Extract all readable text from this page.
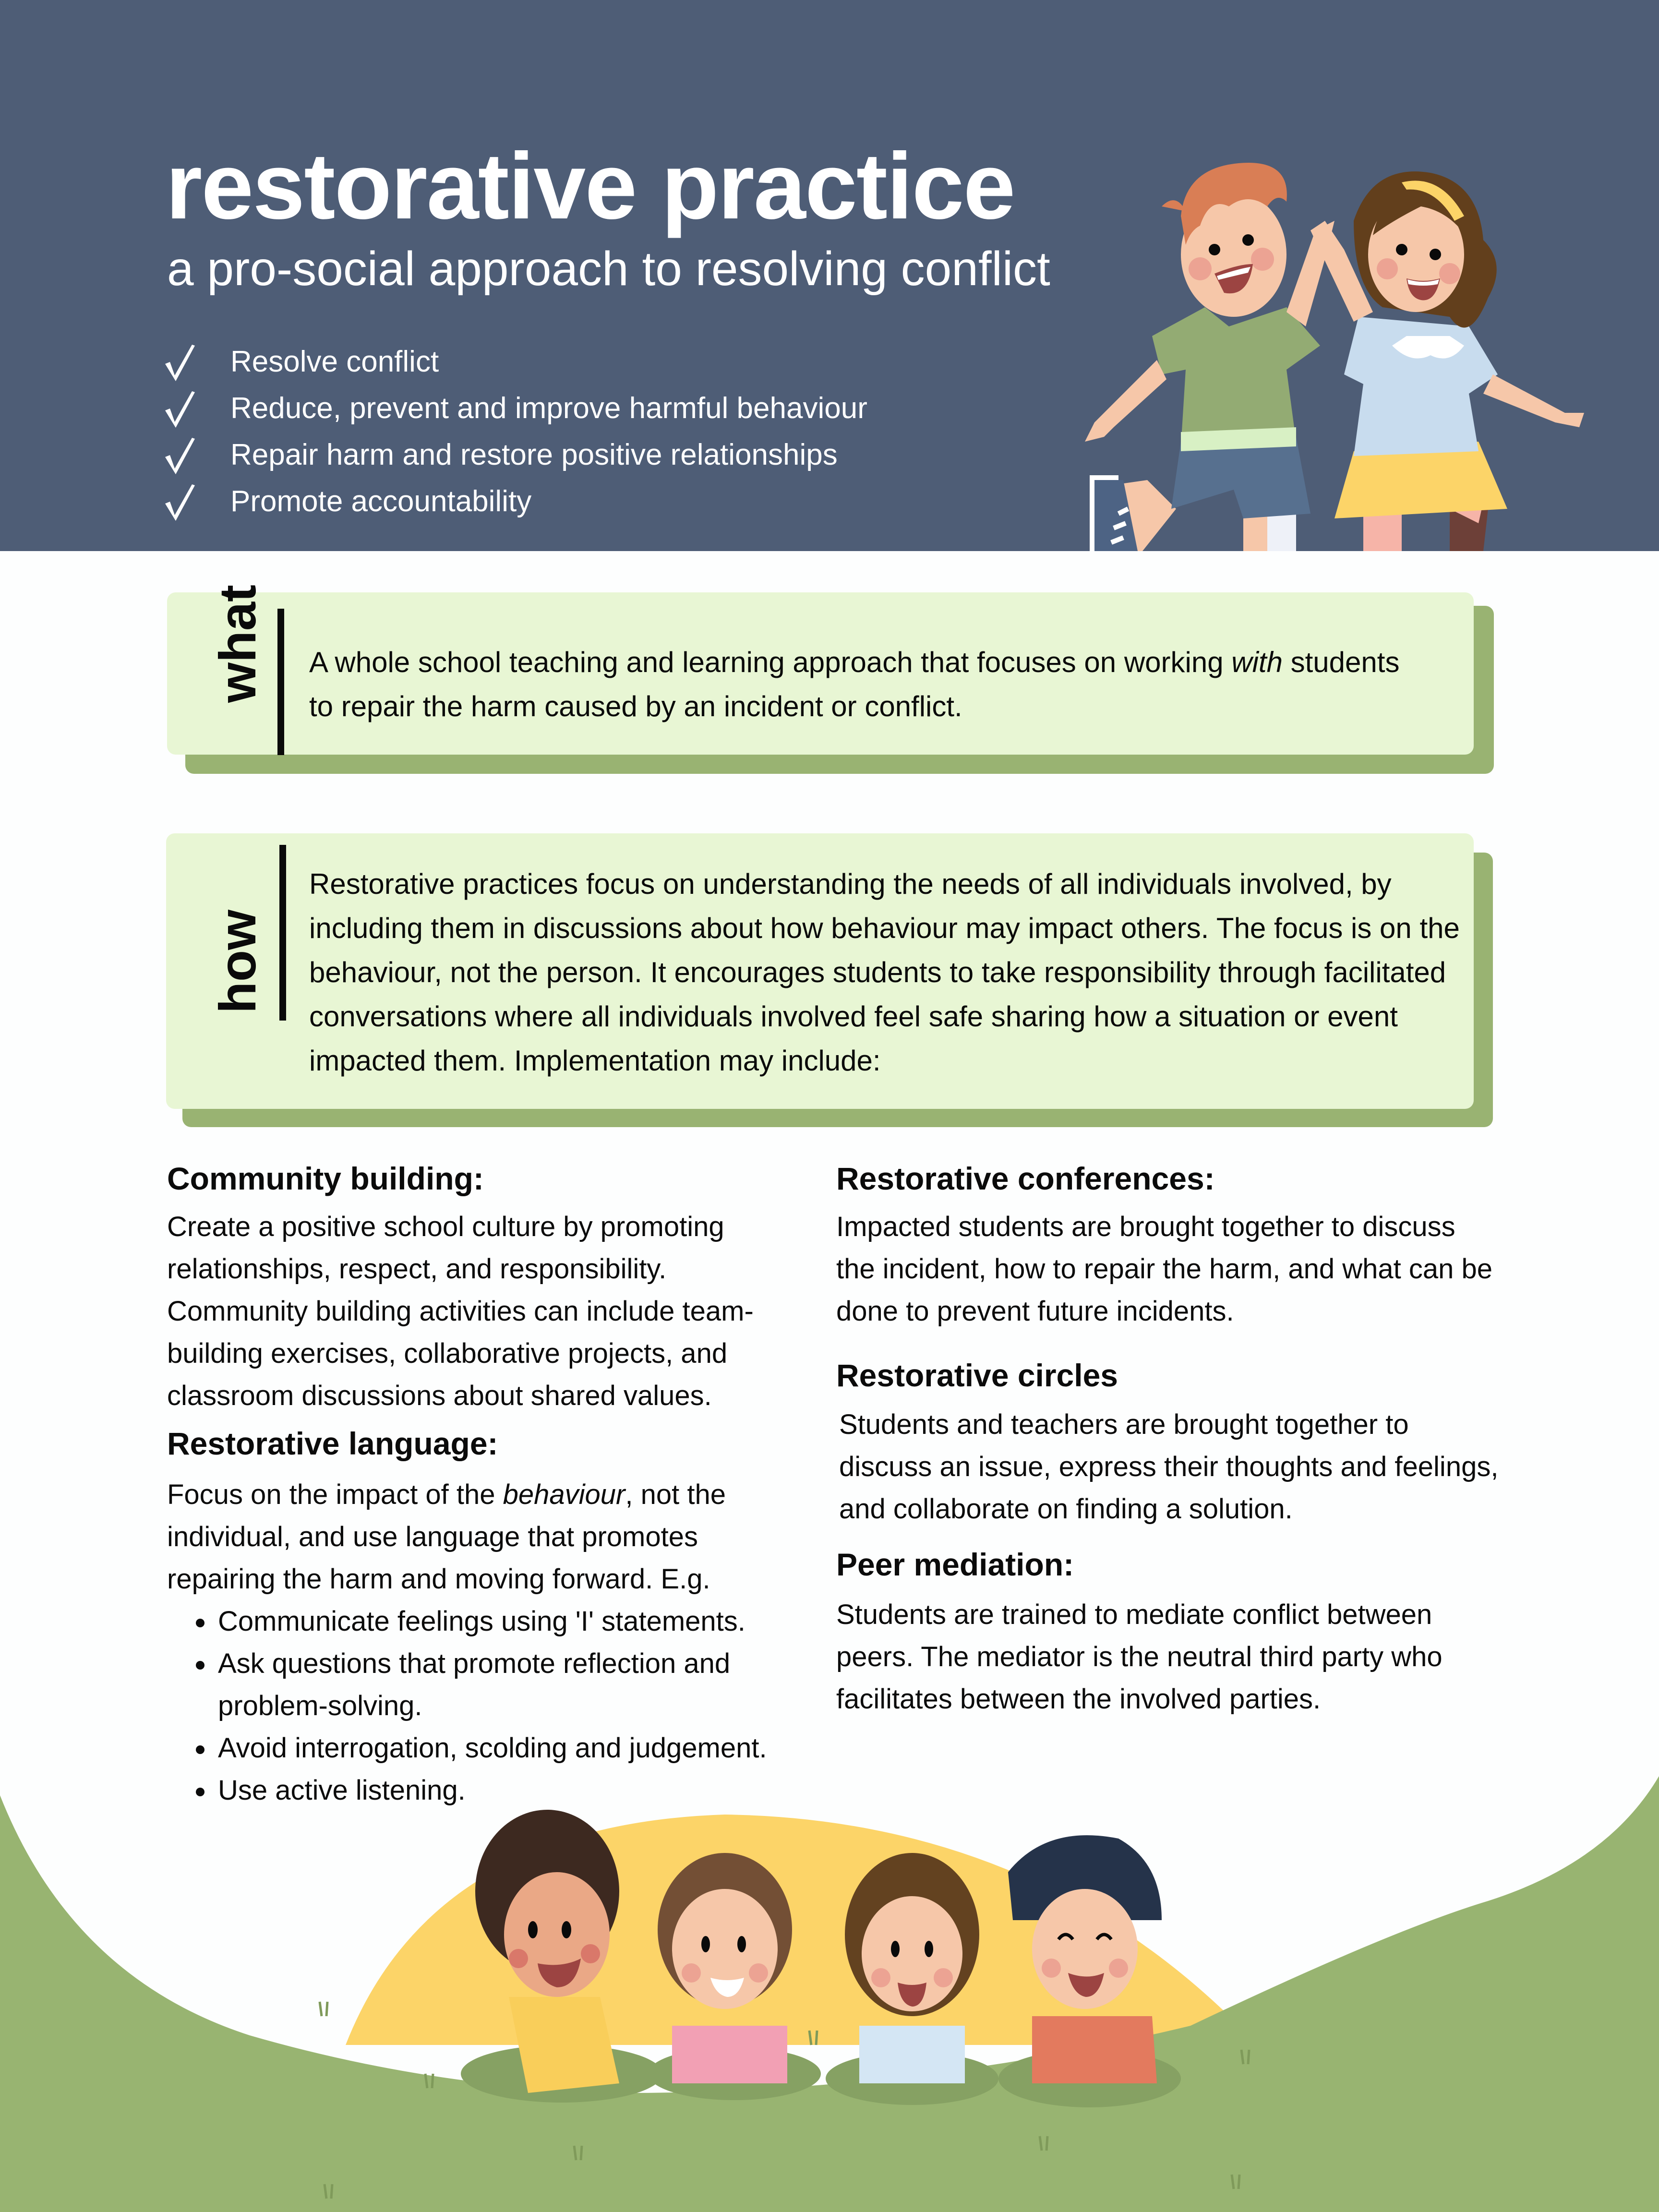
restorative practice
a pro-social approach to resolving conflict
Resolve conflict
Reduce, prevent and improve harmful behaviour
Repair harm and restore positive relationships
Promote accountability
what A whole school teaching and learning approach that focuses on working with students to repair the harm caused by an incident or conflict.
how
Restorative practices focus on understanding the needs of all individuals involved, by including them in discussions about how behaviour may impact others. The focus is on the behaviour, not the person. It encourages students to take responsibility through facilitated conversations where all individuals involved feel safe sharing how a situation or event impacted them. Implementation may include:
Community building:

Create a positive school culture by promoting relationships, respect, and responsibility. Community building activities can include team-building exercises, collaborative projects, and classroom discussions about shared values.

Restorative language:

Focus on the impact of the behaviour, not the individual, and use language that promotes repairing the harm and moving forward. E.g.

Communicate feelings using 'I' statements.
Ask questions that promote reflection and problem-solving.
Avoid interrogation, scolding and judgement.
Use active listening.
Restorative conferences:

Impacted students are brought together to discuss the incident, how to repair the harm, and what can be done to prevent future incidents.

Restorative circles

Students and teachers are brought together to discuss an issue, express their thoughts and feelings, and collaborate on finding a solution.

Peer mediation:

Students are trained to mediate conflict between peers. The mediator is the neutral third party who facilitates between the involved parties.
